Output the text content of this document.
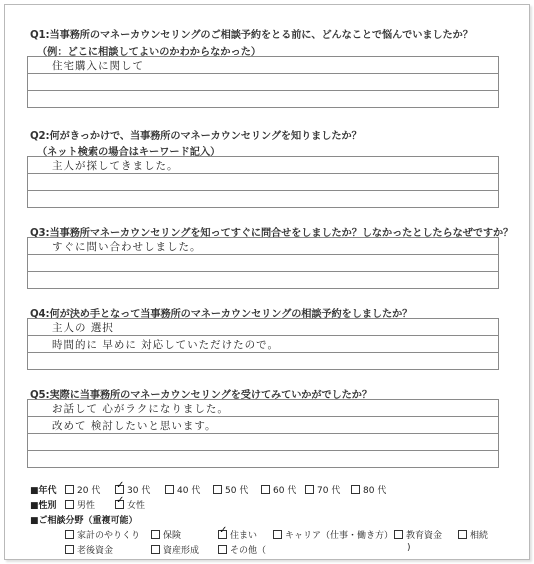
Q1:当事務所のマネーカウンセリングのご相談予約をとる前に、どんなことで悩んでいましたか？
（例：どこに相談してよいのかわからなかった）
住宅購入に関して
Q2:何がきっかけで、当事務所のマネーカウンセリングを知りましたか？
（ネット検索の場合はキーワード記入）
主人が探してきました。
Q3:当事務所マネーカウンセリングを知ってすぐに問合せをしましたか？しなかったとしたらなぜですか？
すぐに問い合わせしました。
Q4:何が決め手となって当事務所のマネーカウンセリングの相談予約をしましたか？
主人の 選択
時間的に 早めに 対応していただけたので。
Q5:実際に当事務所のマネーカウンセリングを受けてみていかがでしたか？
お話して 心がラクになりました。
改めて 検討したいと思います。
■年代	20 代 ✓	30 代	40 代	50 代	60 代	70 代	80 代
■性別	男性 ✓	女性
■ご相談分野（重複可能）
家計のやりくり	保険 ✓	住まい	キャリア（仕事・働き方）	教育資金	相続
老後資金	資産形成	その他（	)
